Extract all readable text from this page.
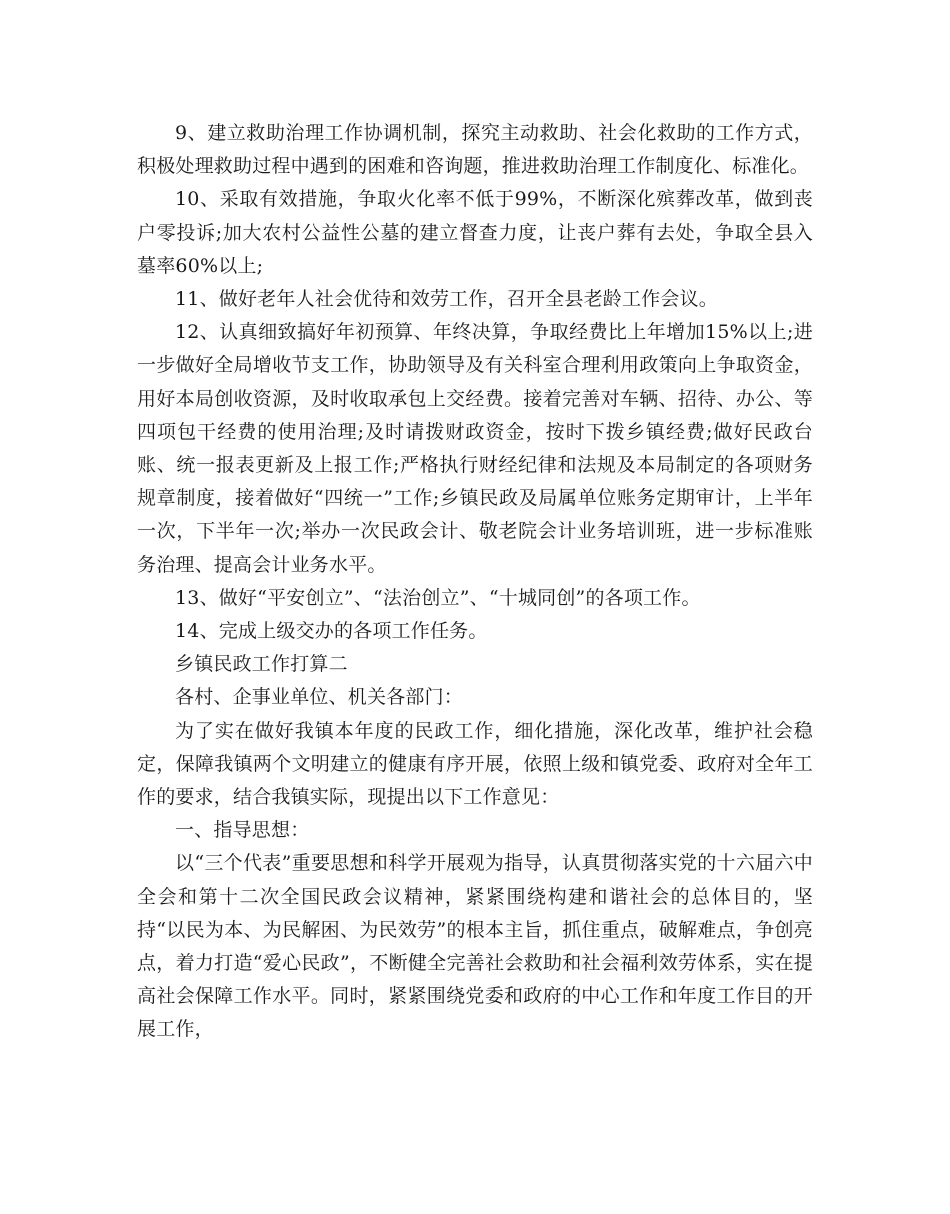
9、建立救助治理工作协调机制，探究主动救助、社会化救助的工作方式，积极处理救助过程中遇到的困难和咨询题，推进救助治理工作制度化、标准化。

10、采取有效措施，争取火化率不低于99%，不断深化殡葬改革，做到丧户零投诉;加大农村公益性公墓的建立督查力度，让丧户葬有去处，争取全县入墓率60%以上;

11、做好老年人社会优待和效劳工作，召开全县老龄工作会议。

12、认真细致搞好年初预算、年终决算，争取经费比上年增加15%以上;进一步做好全局增收节支工作，协助领导及有关科室合理利用政策向上争取资金，用好本局创收资源，及时收取承包上交经费。接着完善对车辆、招待、办公、等四项包干经费的使用治理;及时请拨财政资金，按时下拨乡镇经费;做好民政台账、统一报表更新及上报工作;严格执行财经纪律和法规及本局制定的各项财务规章制度，接着做好“四统一”工作;乡镇民政及局属单位账务定期审计，上半年一次，下半年一次;举办一次民政会计、敬老院会计业务培训班，进一步标准账务治理、提高会计业务水平。

13、做好“平安创立”、“法治创立”、“十城同创”的各项工作。

14、完成上级交办的各项工作任务。

乡镇民政工作打算二

各村、企事业单位、机关各部门：

为了实在做好我镇本年度的民政工作，细化措施，深化改革，维护社会稳定，保障我镇两个文明建立的健康有序开展，依照上级和镇党委、政府对全年工作的要求，结合我镇实际，现提出以下工作意见：

一、指导思想：

以“三个代表”重要思想和科学开展观为指导，认真贯彻落实党的十六届六中全会和第十二次全国民政会议精神，紧紧围绕构建和谐社会的总体目的，坚持“以民为本、为民解困、为民效劳”的根本主旨，抓住重点，破解难点，争创亮点，着力打造“爱心民政”，不断健全完善社会救助和社会福利效劳体系，实在提高社会保障工作水平。同时，紧紧围绕党委和政府的中心工作和年度工作目的开展工作，
